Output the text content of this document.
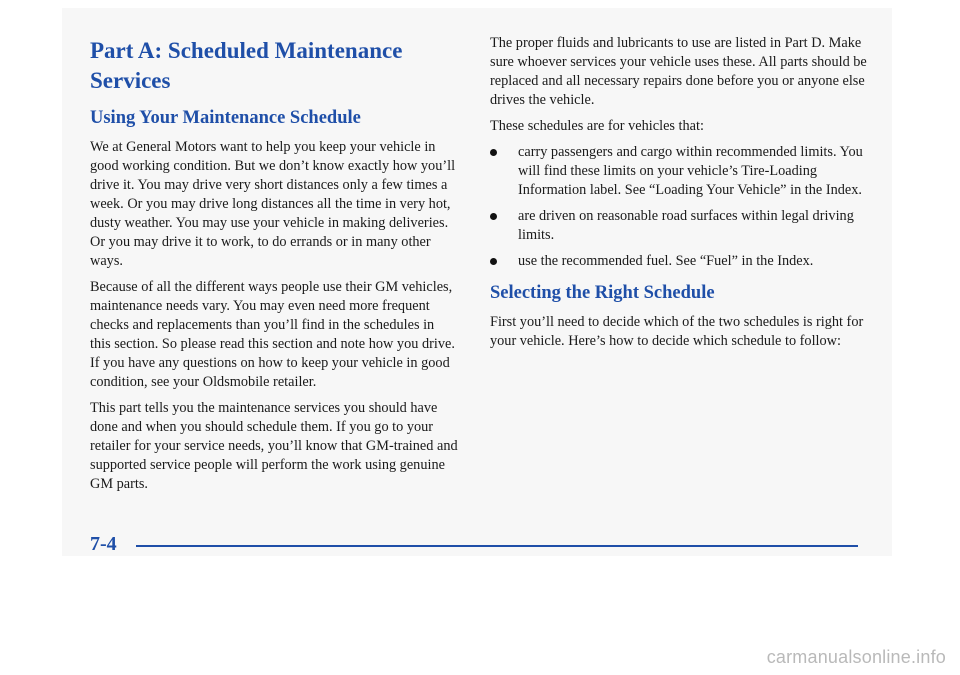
Part A: Scheduled Maintenance Services
Using Your Maintenance Schedule

We at General Motors want to help you keep your vehicle in good working condition. But we don’t know exactly how you’ll drive it. You may drive very short distances only a few times a week. Or you may drive long distances all the time in very hot, dusty weather. You may use your vehicle in making deliveries. Or you may drive it to work, to do errands or in many other ways.

Because of all the different ways people use their GM vehicles, maintenance needs vary. You may even need more frequent checks and replacements than you’ll find in the schedules in this section. So please read this section and note how you drive. If you have any questions on how to keep your vehicle in good condition, see your Oldsmobile retailer.

This part tells you the maintenance services you should have done and when you should schedule them. If you go to your retailer for your service needs, you’ll know that GM-trained and supported service people will perform the work using genuine GM parts.

The proper fluids and lubricants to use are listed in Part D. Make sure whoever services your vehicle uses these. All parts should be replaced and all necessary repairs done before you or anyone else drives the vehicle.

These schedules are for vehicles that:

carry passengers and cargo within recommended limits. You will find these limits on your vehicle’s Tire-Loading Information label. See “Loading Your Vehicle” in the Index.
are driven on reasonable road surfaces within legal driving limits.
use the recommended fuel. See “Fuel” in the Index.
Selecting the Right Schedule

First you’ll need to decide which of the two schedules is right for your vehicle. Here’s how to decide which schedule to follow:

7-4
carmanualsonline.info
